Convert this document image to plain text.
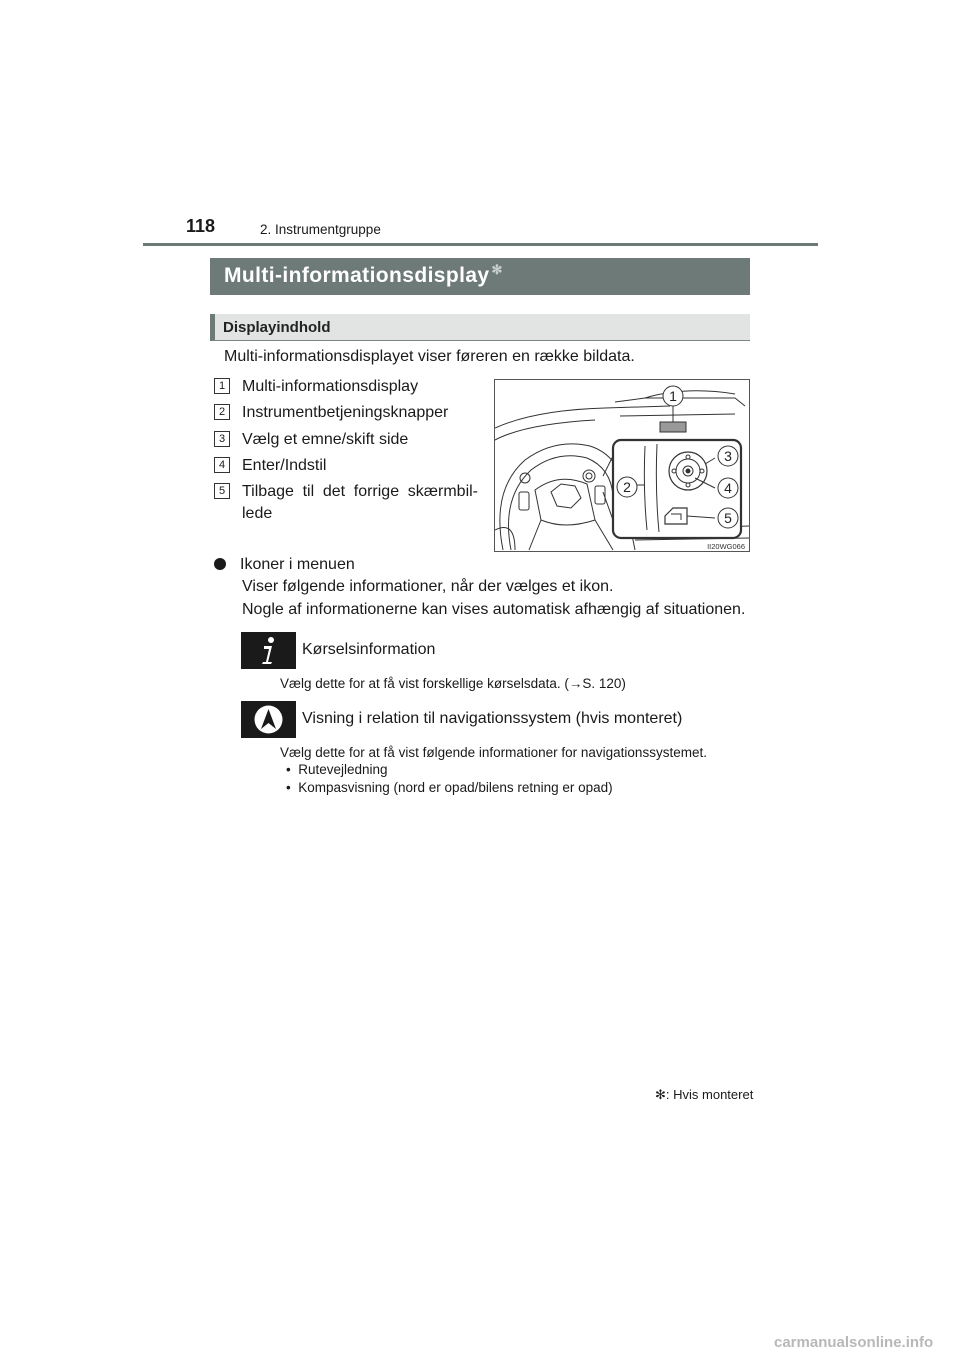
118	2. Instrumentgruppe
Multi-informationsdisplay ✻
Displayindhold
Multi-informationsdisplayet viser føreren en række bildata.
1	Multi-informationsdisplay
2	Instrumentbetjeningsknapper
3	Vælg et emne/skift side
4	Enter/Indstil
5	Tilbage til det forrige skærmbil-lede
1
2
3
4
5
II20WG066
Ikoner i menuen
Viser følgende informationer, når der vælges et ikon.
Nogle af informationerne kan vises automatisk afhængig af situationen.
Kørselsinformation
Vælg dette for at få vist forskellige kørselsdata. (→S. 120)
Visning i relation til navigationssystem (hvis monteret)
Vælg dette for at få vist følgende informationer for navigationssystemet.
•  Rutevejledning
•  Kompasvisning (nord er opad/bilens retning er opad)
✻: Hvis monteret
carmanualsonline.info
